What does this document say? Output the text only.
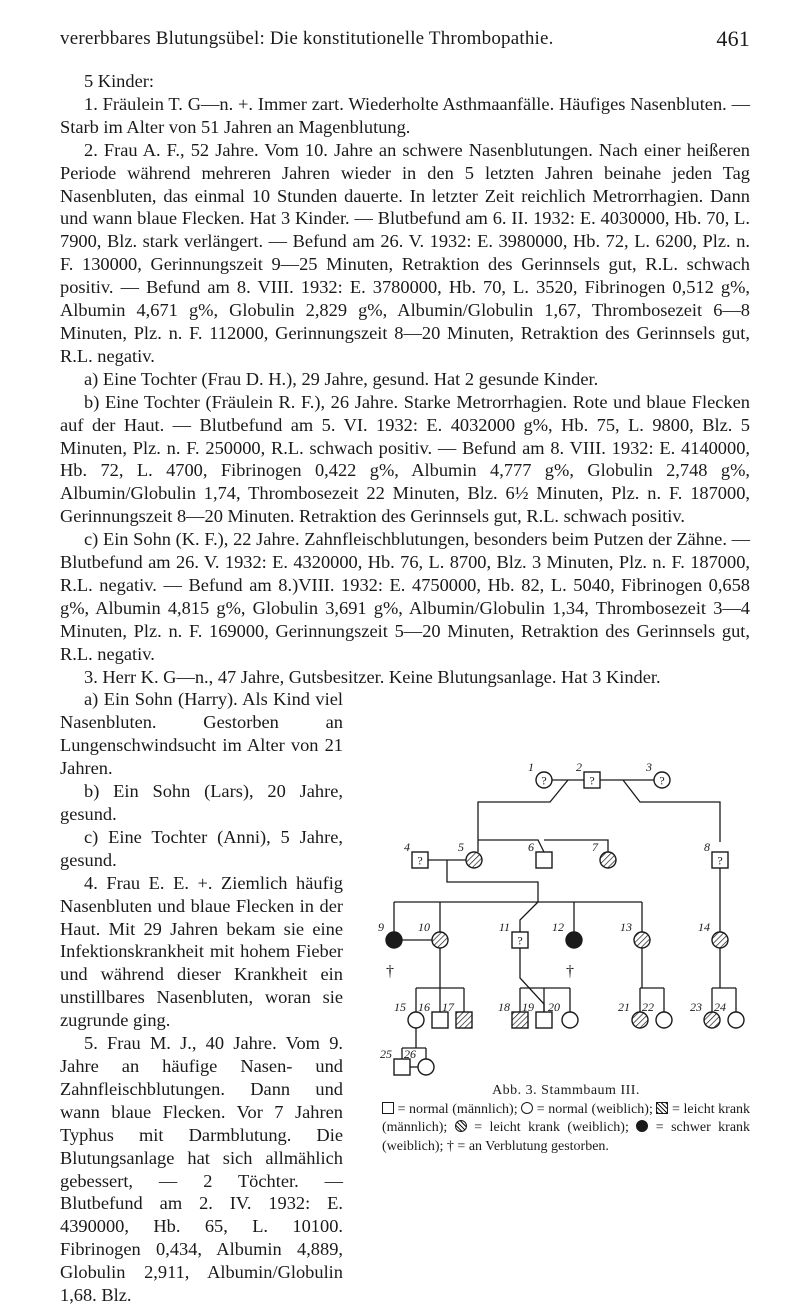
vererbbares Blutungsübel: Die konstitutionelle Thrombopathie.	461

5 Kinder:

1. Fräulein T. G—n. +. Immer zart. Wiederholte Asthmaanfälle. Häufiges Nasenbluten. — Starb im Alter von 51 Jahren an Magenblutung.

2. Frau A. F., 52 Jahre. Vom 10. Jahre an schwere Nasenblutungen. Nach einer heißeren Periode während mehreren Jahren wieder in den 5 letzten Jahren beinahe jeden Tag Nasenbluten, das einmal 10 Stunden dauerte. In letzter Zeit reichlich Metrorrhagien. Dann und wann blaue Flecken. Hat 3 Kinder. — Blutbefund am 6. II. 1932: E. 4030000, Hb. 70, L. 7900, Blz. stark verlängert. — Befund am 26. V. 1932: E. 3980000, Hb. 72, L. 6200, Plz. n. F. 130000, Gerinnungszeit 9—25 Minuten, Retraktion des Gerinnsels gut, R.L. schwach positiv. — Befund am 8. VIII. 1932: E. 3780000, Hb. 70, L. 3520, Fibrinogen 0,512 g%, Albumin 4,671 g%, Globulin 2,829 g%, Albumin/Globulin 1,67, Thrombosezeit 6—8 Minuten, Plz. n. F. 112000, Gerinnungszeit 8—20 Minuten, Retraktion des Gerinnsels gut, R.L. negativ.

a) Eine Tochter (Frau D. H.), 29 Jahre, gesund. Hat 2 gesunde Kinder.

b) Eine Tochter (Fräulein R. F.), 26 Jahre. Starke Metrorrhagien. Rote und blaue Flecken auf der Haut. — Blutbefund am 5. VI. 1932: E. 4032000 g%, Hb. 75, L. 9800, Blz. 5 Minuten, Plz. n. F. 250000, R.L. schwach positiv. — Befund am 8. VIII. 1932: E. 4140000, Hb. 72, L. 4700, Fibrinogen 0,422 g%, Albumin 4,777 g%, Globulin 2,748 g%, Albumin/Globulin 1,74, Thrombosezeit 22 Minuten, Blz. 6½ Minuten, Plz. n. F. 187000, Gerinnungszeit 8—20 Minuten. Retraktion des Gerinnsels gut, R.L. schwach positiv.

c) Ein Sohn (K. F.), 22 Jahre. Zahnfleischblutungen, besonders beim Putzen der Zähne. — Blutbefund am 26. V. 1932: E. 4320000, Hb. 76, L. 8700, Blz. 3 Minuten, Plz. n. F. 187000, R.L. negativ. — Befund am 8.)VIII. 1932: E. 4750000, Hb. 82, L. 5040, Fibrinogen 0,658 g%, Albumin 4,815 g%, Globulin 3,691 g%, Albumin/Globulin 1,34, Thrombosezeit 3—4 Minuten, Plz. n. F. 169000, Gerinnungszeit 5—20 Minuten, Retraktion des Gerinnsels gut, R.L. negativ.

3. Herr K. G—n., 47 Jahre, Gutsbesitzer. Keine Blutungsanlage. Hat 3 Kinder.

a) Ein Sohn (Harry). Als Kind viel Nasenbluten. Gestorben an Lungenschwindsucht im Alter von 21 Jahren.

b) Ein Sohn (Lars), 20 Jahre, gesund.

c) Eine Tochter (Anni), 5 Jahre, gesund.

4. Frau E. E. +. Ziemlich häufig Nasenbluten und blaue Flecken in der Haut. Mit 29 Jahren bekam sie eine Infektionskrankheit mit hohem Fieber und während dieser Krankheit ein unstillbares Nasenbluten, woran sie zugrunde ging.

5. Frau M. J., 40 Jahre. Vom 9. Jahre an häufige Nasen- und Zahnfleischblutungen. Dann und wann blaue Flecken. Vor 7 Jahren Typhus mit Darmblutung. Die Blutungsanlage hat sich allmählich gebessert, — 2 Töchter. — Blutbefund am 2. IV. 1932: E. 4390000, Hb. 65, L. 10100. Fibrinogen 0,434, Albumin 4,889, Globulin 2,911, Albumin/Globulin 1,68. Blz.

?
1
?
2
?
3
?
4	5	6	7
?
8
9	10
?
11	12	13	14
15 16 17	18 19 20	21 22	23 24
25 26
†	†
Abb. 3. Stammbaum III.
= normal (männlich); = normal (weiblich); = leicht krank (männlich); = leicht krank (weiblich); = schwer krank (weiblich); † = an Verblutung gestorben.
